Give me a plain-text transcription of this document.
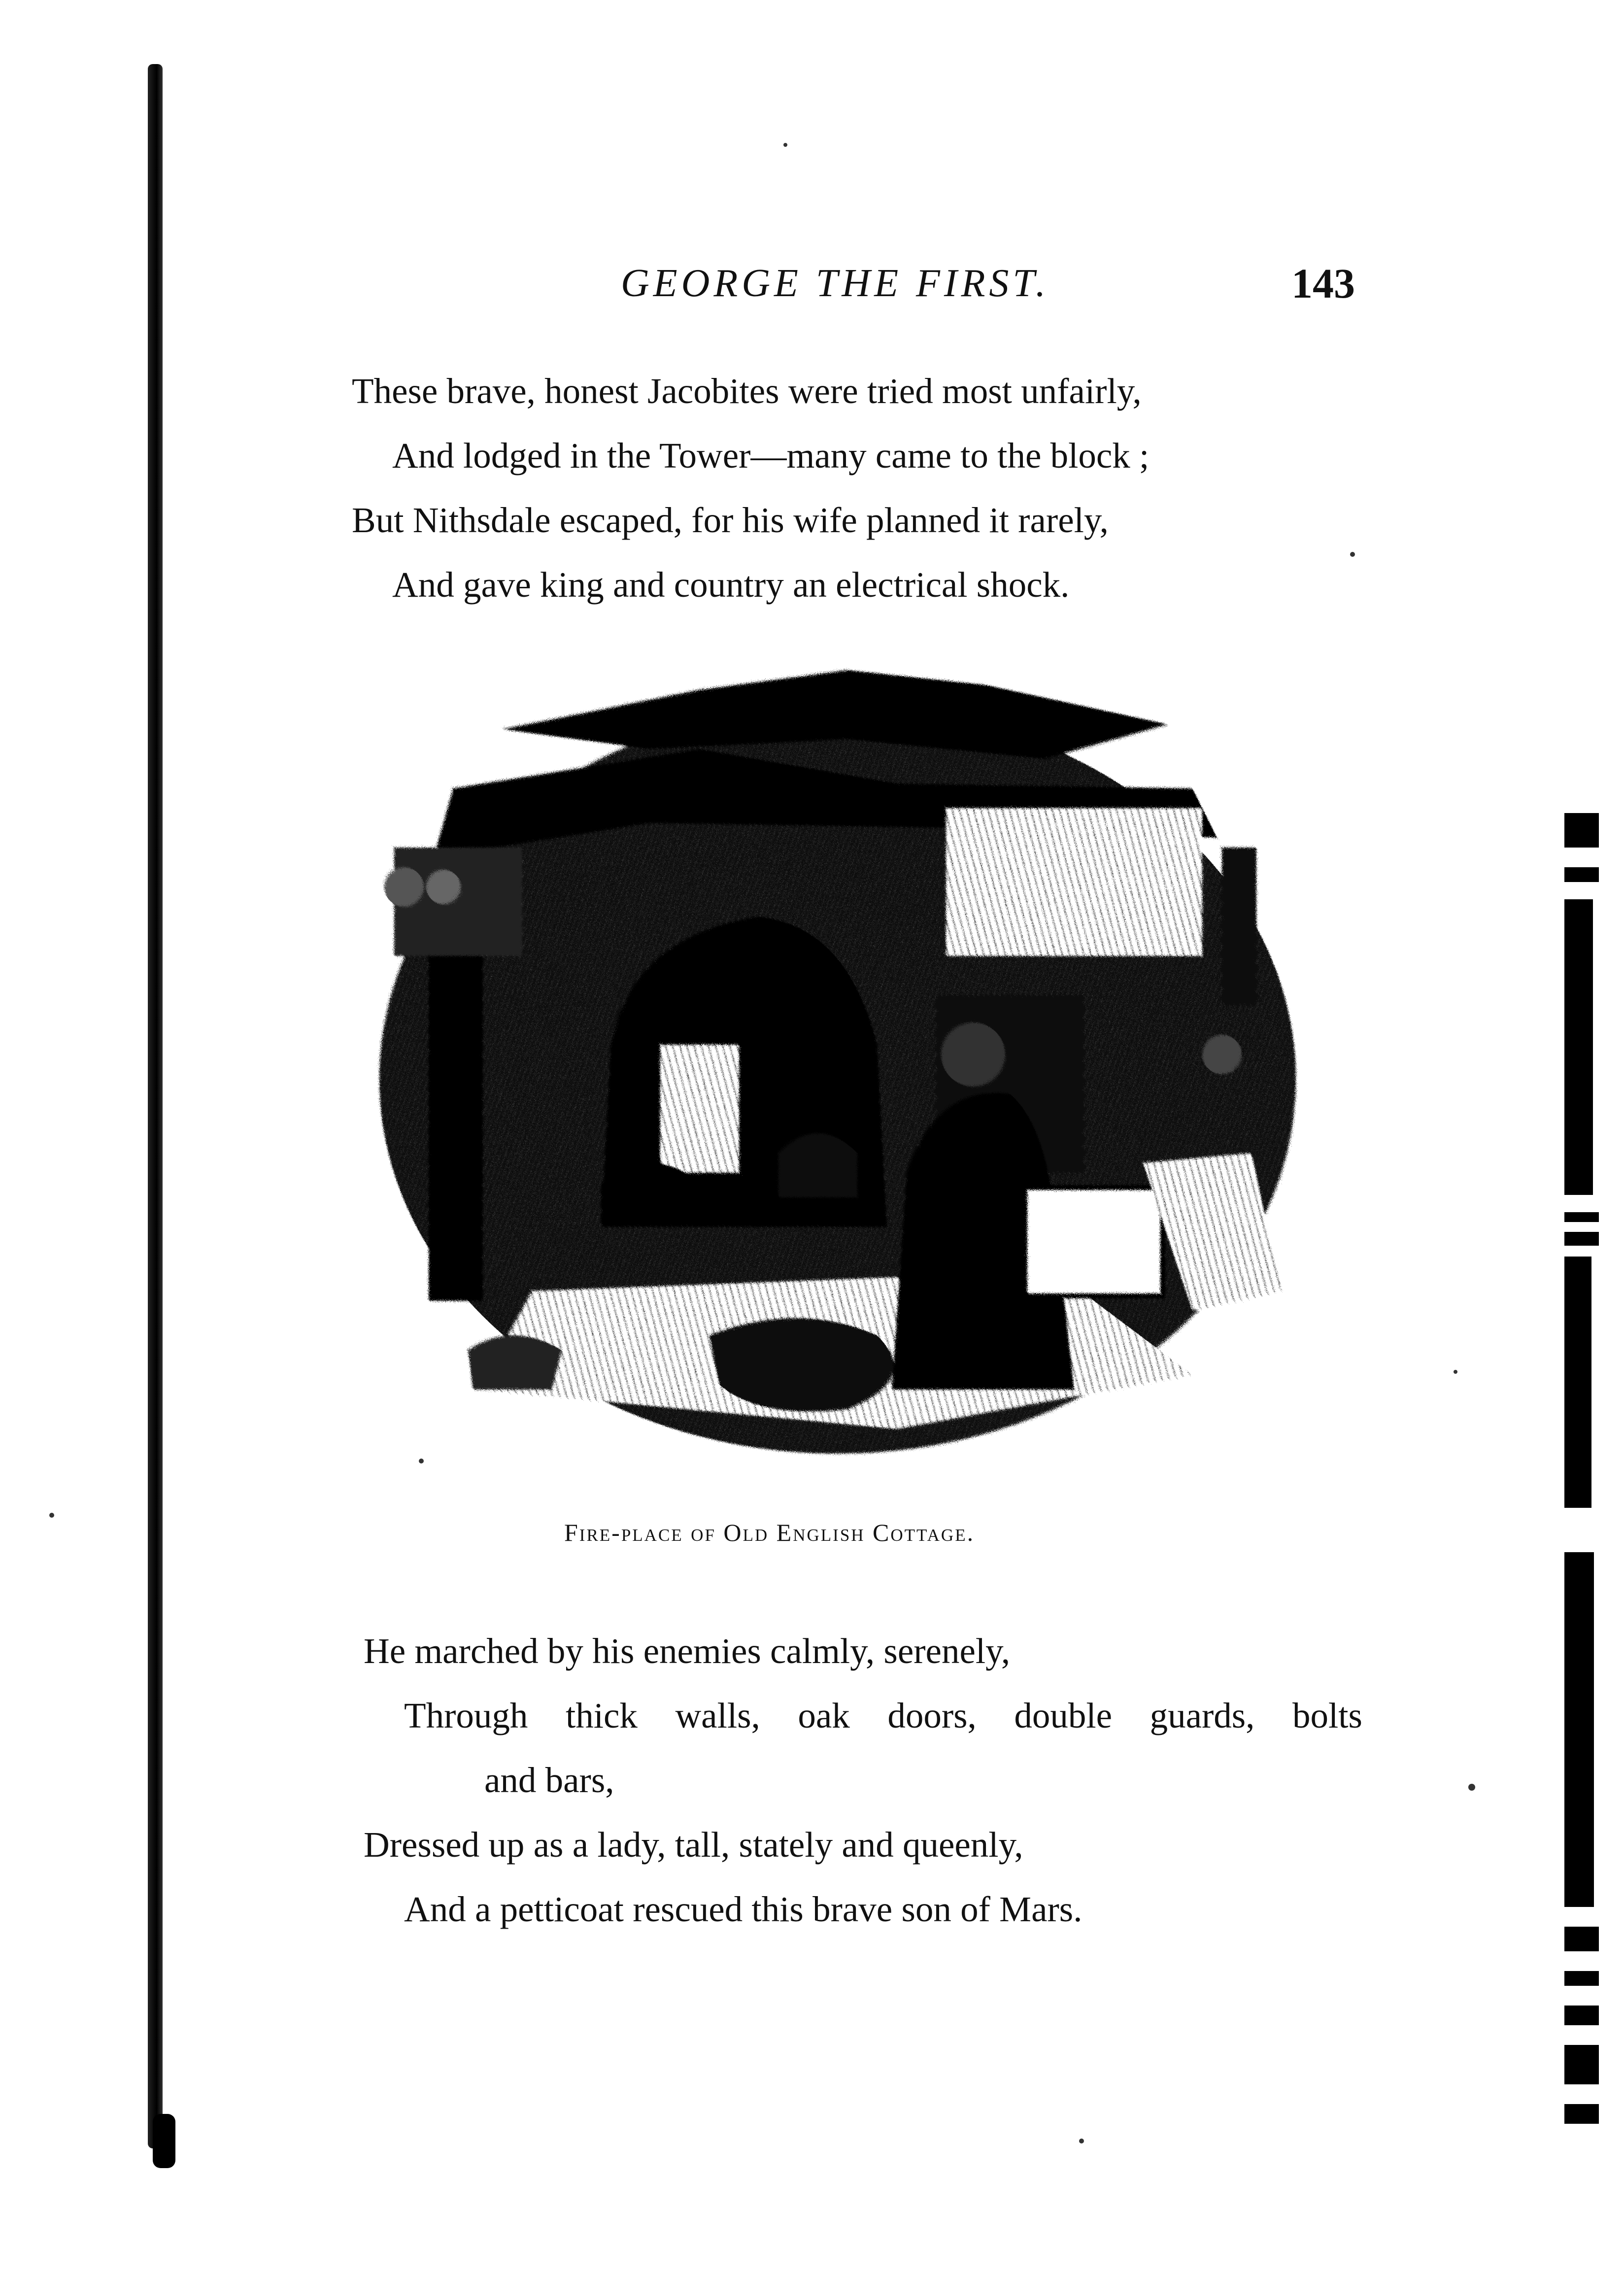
GEORGE THE FIRST.	143
These brave, honest Jacobites were tried most unfairly,
And lodged in the Tower—many came to the block ;
But Nithsdale escaped, for his wife planned it rarely,
And gave king and country an electrical shock.
Fire-place of Old English Cottage.
He marched by his enemies calmly, serenely,
Through thick walls, oak doors, double guards, bolts
and bars,
Dressed up as a lady, tall, stately and queenly,
And a petticoat rescued this brave son of Mars.
